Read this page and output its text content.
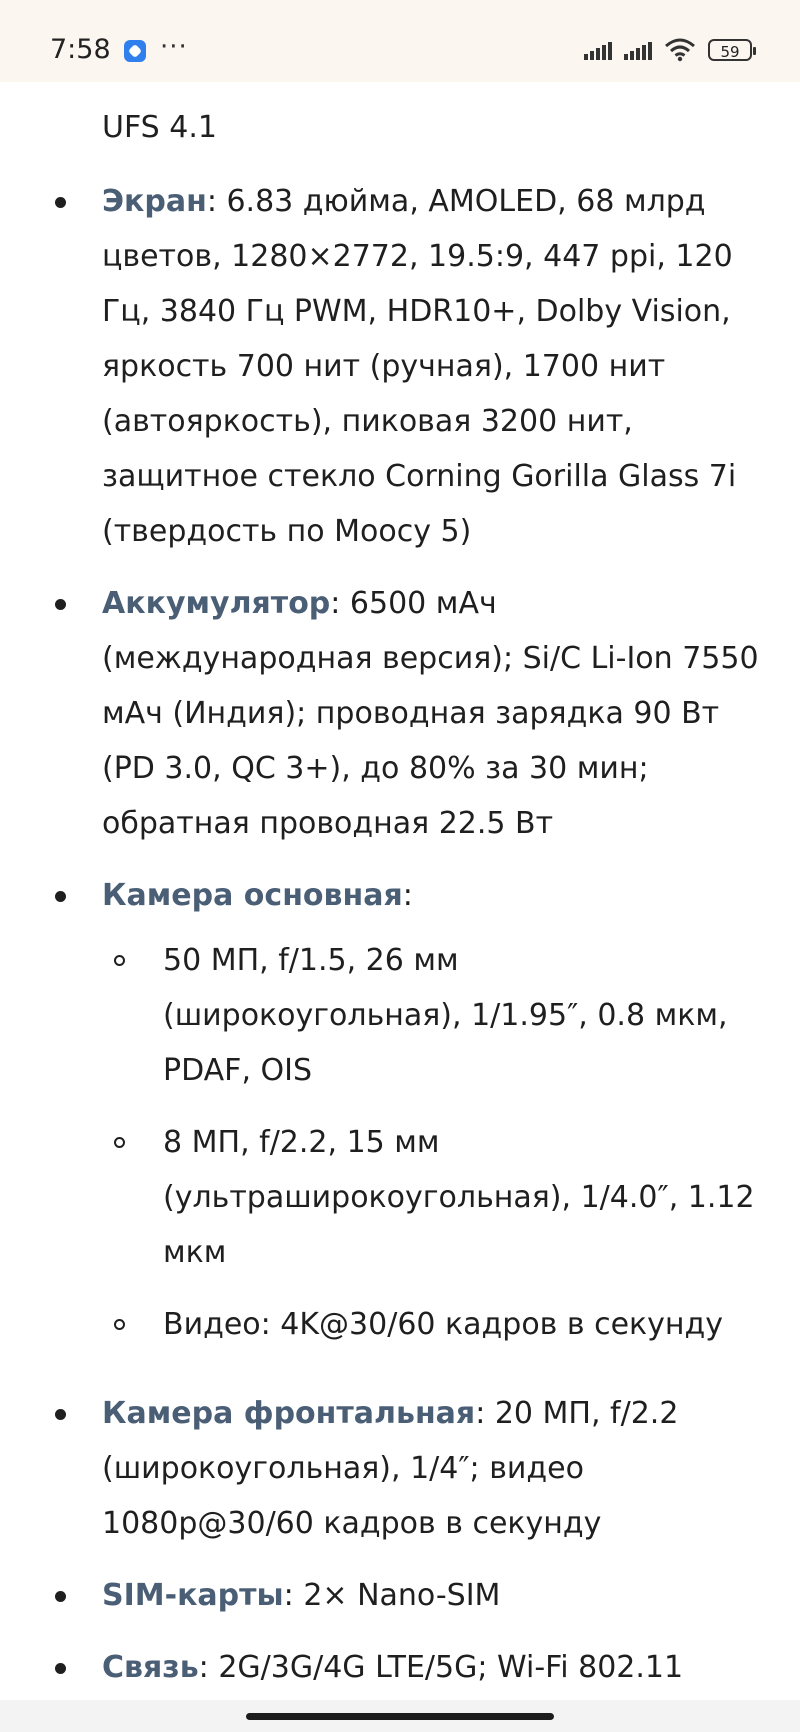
7:58 ···	59
UFS 4.1
Экран: 6.83 дюйма, AMOLED, 68 млрд цветов, 1280×2772, 19.5:9, 447 ppi, 120 Гц, 3840 Гц PWM, HDR10+, Dolby Vision, яркость 700 нит (ручная), 1700 нит (автояркость), пиковая 3200 нит, защитное стекло Corning Gorilla Glass 7i (твердость по Моосу 5)
Аккумулятор: 6500 мАч (международная версия); Si/C Li-Ion 7550 мАч (Индия); проводная зарядка 90 Вт (PD 3.0, QC 3+), до 80% за 30 мин; обратная проводная 22.5 Вт
Камера основная:
50 МП, f/1.5, 26 мм (широкоугольная), 1/1.95″, 0.8 мкм, PDAF, OIS
8 МП, f/2.2, 15 мм (ультраширокоугольная), 1/4.0″, 1.12 мкм
Видео: 4K@30/60 кадров в секунду
Камера фронтальная: 20 МП, f/2.2 (широкоугольная), 1/4″; видео 1080p@30/60 кадров в секунду
SIM-карты: 2× Nano-SIM
Связь: 2G/3G/4G LTE/5G; Wi-Fi 802.11
